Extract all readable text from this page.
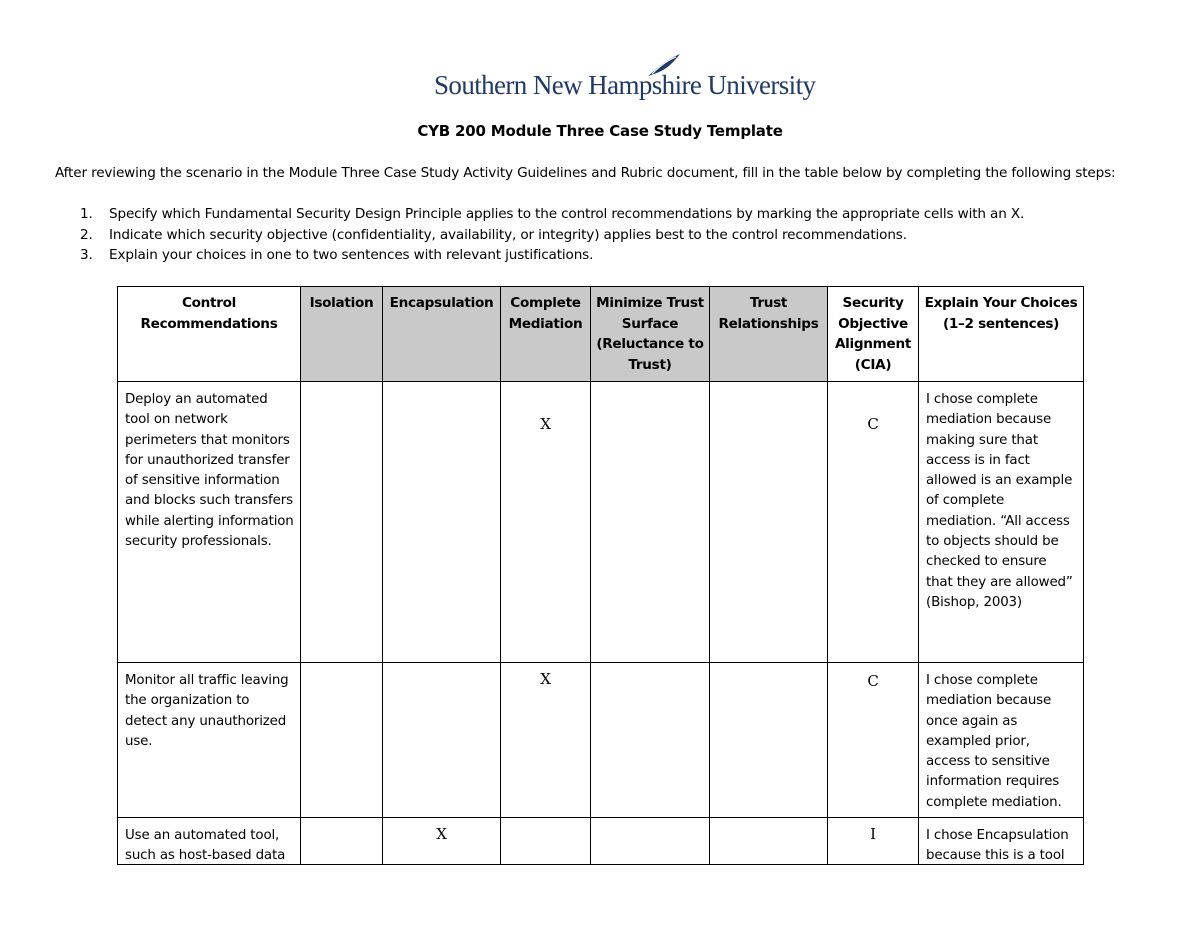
Southern New Hampshire University
CYB 200 Module Three Case Study Template
After reviewing the scenario in the Module Three Case Study Activity Guidelines and Rubric document, fill in the table below by completing the following steps:
1. Specify which Fundamental Security Design Principle applies to the control recommendations by marking the appropriate cells with an X.
2. Indicate which security objective (confidentiality, availability, or integrity) applies best to the control recommendations.
3. Explain your choices in one to two sentences with relevant justifications.
Control Recommendations	Isolation	Encapsulation	Complete Mediation	Minimize Trust Surface (Reluctance to Trust)	Trust Relationships	Security Objective Alignment (CIA)	Explain Your Choices (1–2 sentences)
Deploy an automated tool on network perimeters that monitors for unauthorized transfer of sensitive information and blocks such transfers while alerting information security professionals.			X			C	I chose complete mediation because making sure that access is in fact allowed is an example of complete mediation. “All access to objects should be checked to ensure that they are allowed” (Bishop, 2003)
Monitor all traffic leaving the organization to detect any unauthorized use.			X			C	I chose complete mediation because once again as exampled prior, access to sensitive information requires complete mediation.

Use an automated tool, such as host-based data		X				I	I chose Encapsulation because this is a tool
